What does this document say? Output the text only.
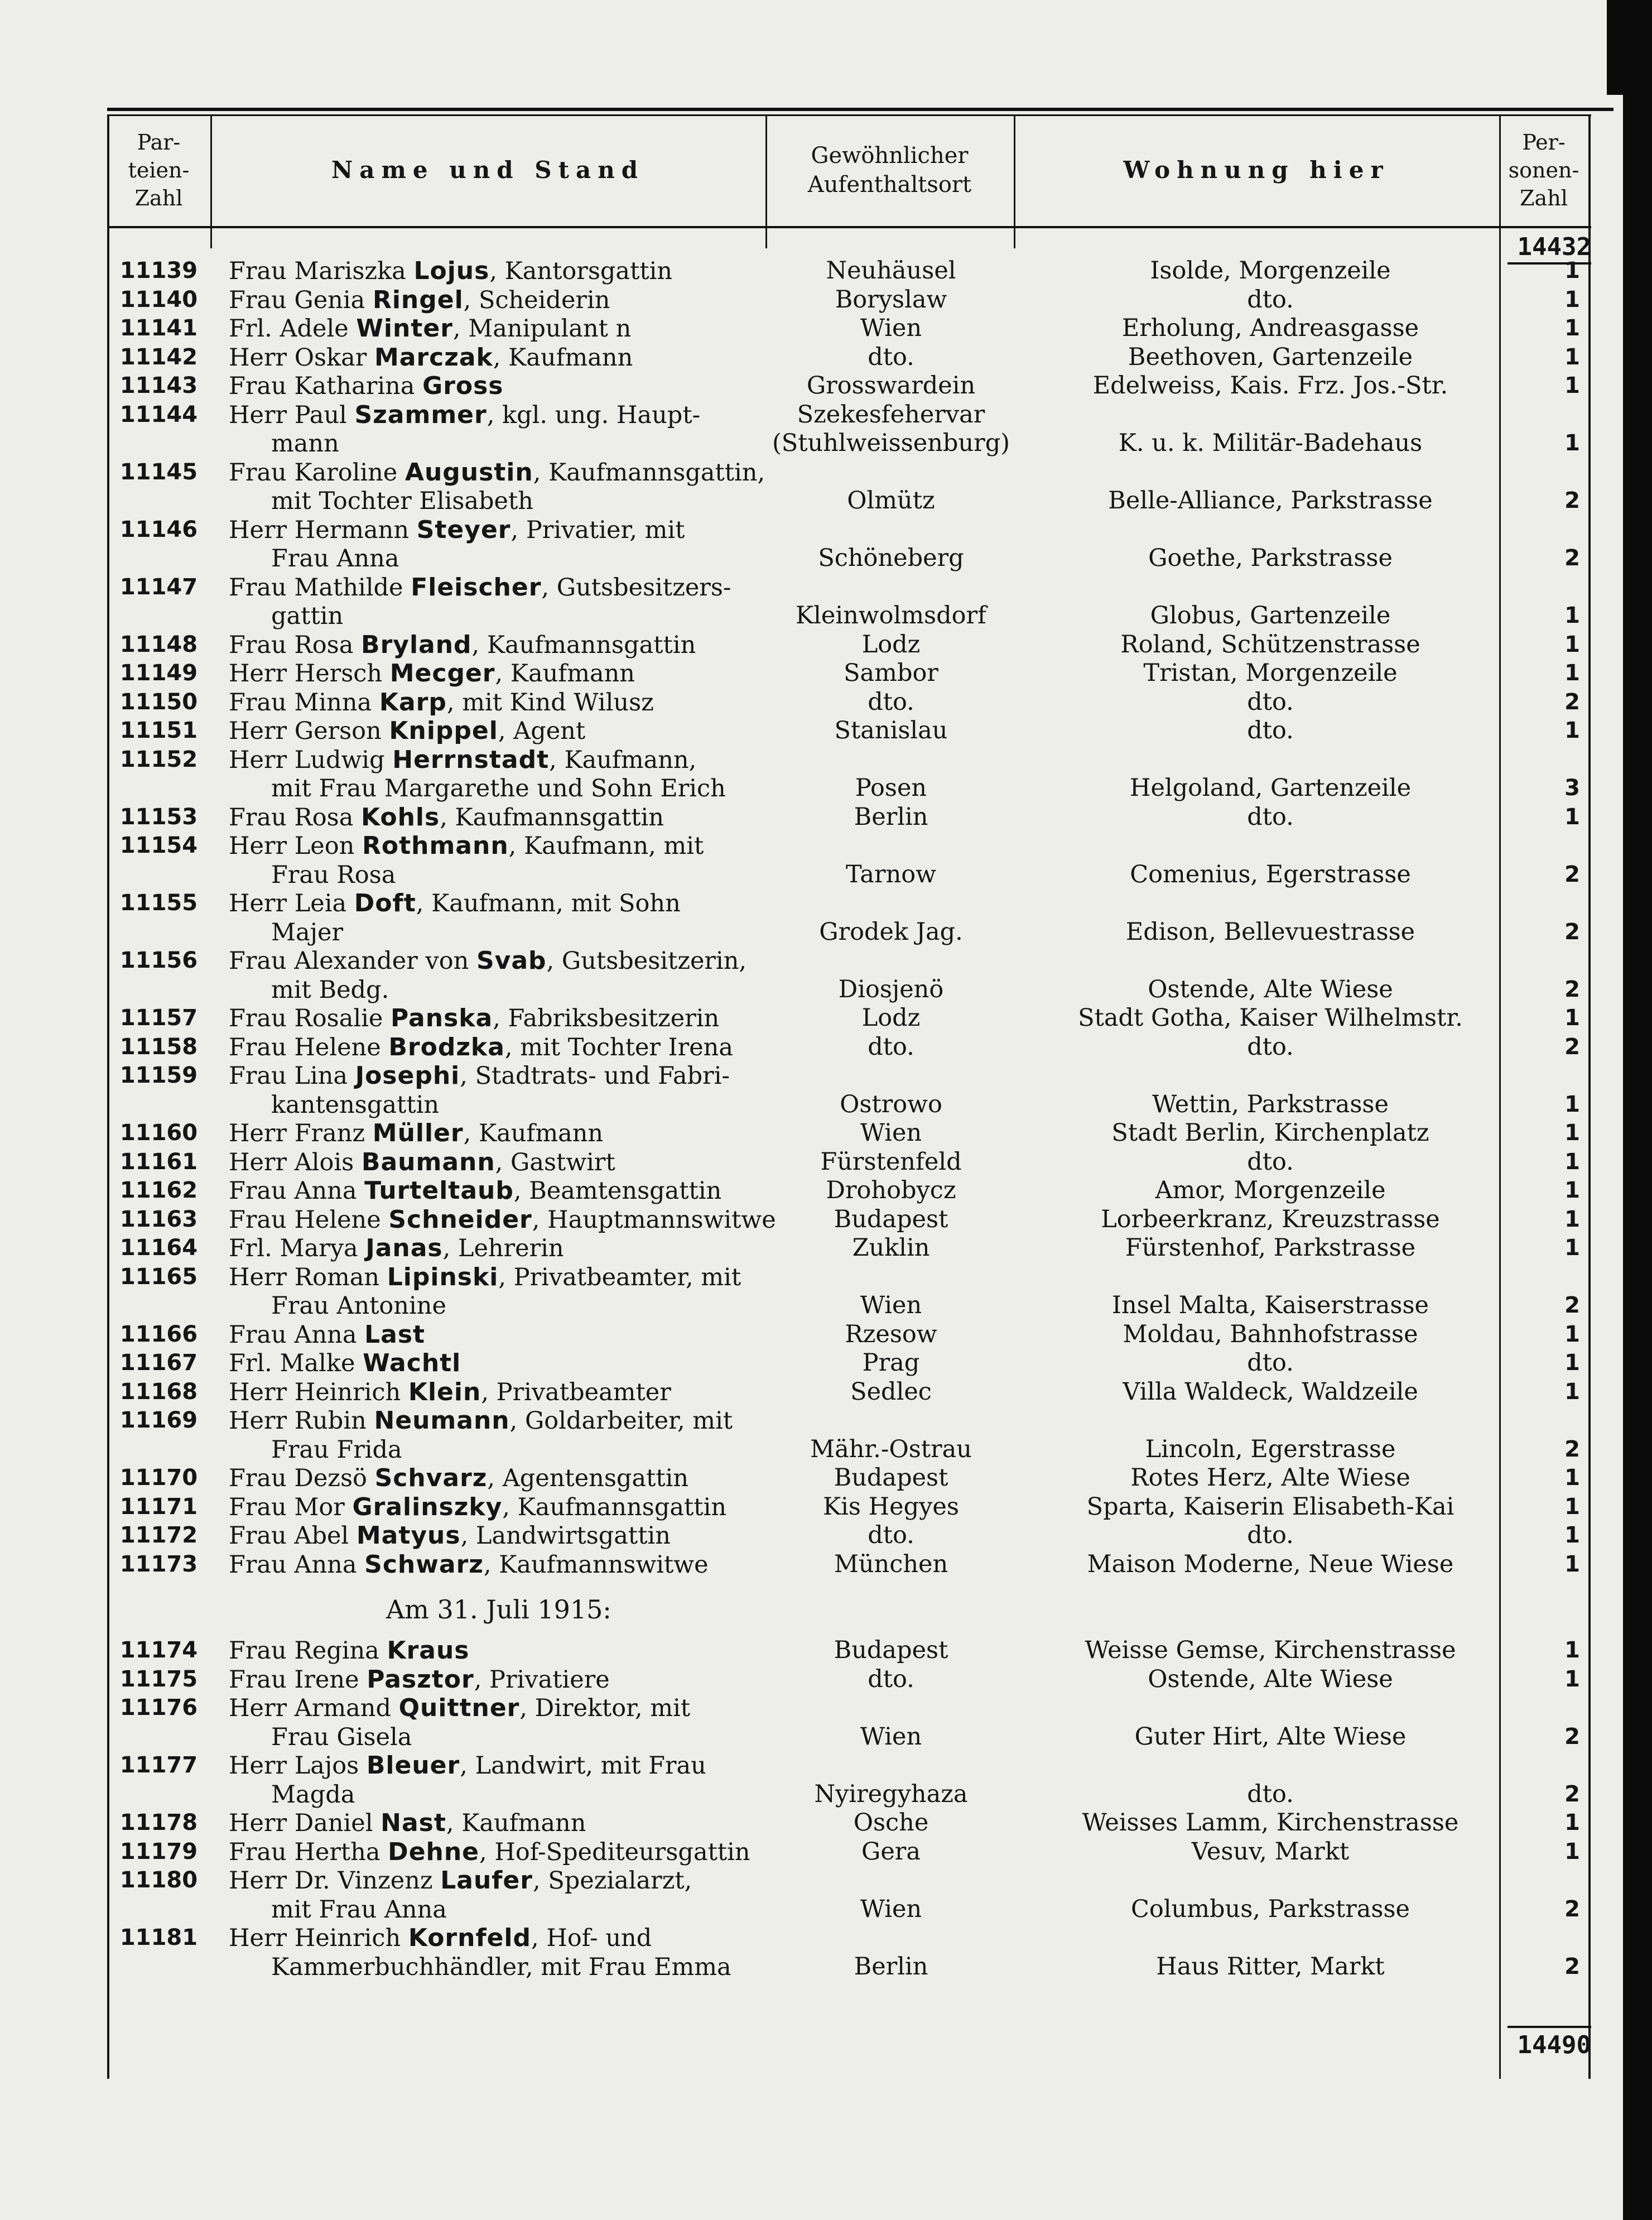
Par-
teien-
Zahl
Name und Stand
Gewöhnlicher
Aufenthaltsort
Wohnung hier
Per-
sonen-
Zahl
14432
11139	Frau Mariszka Lojus, Kantorsgattin	Neuhäusel	Isolde, Morgenzeile	1
11140	Frau Genia Ringel, Scheiderin	Boryslaw	dto.	1
11141	Frl. Adele Winter, Manipulant n	Wien	Erholung, Andreasgasse	1
11142	Herr Oskar Marczak, Kaufmann	dto.	Beethoven, Gartenzeile	1
11143	Frau Katharina Gross	Grosswardein	Edelweiss, Kais. Frz. Jos.-Str.	1
11144	Herr Paul Szammer, kgl. ung. Haupt-
mann
Szekesfehervar (Stuhlweissenburg)	K. u. k. Militär-Badehaus	1
11145	Frau Karoline Augustin, Kaufmannsgattin,
mit Tochter Elisabeth	Olmütz	Belle-Alliance, Parkstrasse	2
11146	Herr Hermann Steyer, Privatier, mit
Frau Anna	Schöneberg	Goethe, Parkstrasse	2
11147	Frau Mathilde Fleischer, Gutsbesitzers-
gattin	Kleinwolmsdorf	Globus, Gartenzeile	1
11148	Frau Rosa Bryland, Kaufmannsgattin	Lodz	Roland, Schützenstrasse	1
11149	Herr Hersch Mecger, Kaufmann	Sambor	Tristan, Morgenzeile	1
11150	Frau Minna Karp, mit Kind Wilusz	dto.	dto.	2
11151	Herr Gerson Knippel, Agent	Stanislau	dto.	1
11152	Herr Ludwig Herrnstadt, Kaufmann,
mit Frau Margarethe und Sohn Erich	Posen	Helgoland, Gartenzeile	3
11153	Frau Rosa Kohls, Kaufmannsgattin	Berlin	dto.	1
11154	Herr Leon Rothmann, Kaufmann, mit
Frau Rosa	Tarnow	Comenius, Egerstrasse	2
11155	Herr Leia Doft, Kaufmann, mit Sohn
Majer	Grodek Jag.	Edison, Bellevuestrasse	2
11156	Frau Alexander von Svab, Gutsbesitzerin,
mit Bedg.	Diosjenö	Ostende, Alte Wiese	2
11157	Frau Rosalie Panska, Fabriksbesitzerin	Lodz	Stadt Gotha, Kaiser Wilhelmstr.	1
11158	Frau Helene Brodzka, mit Tochter Irena	dto.	dto.	2
11159	Frau Lina Josephi, Stadtrats- und Fabri-
kantensgattin	Ostrowo	Wettin, Parkstrasse	1
11160	Herr Franz Müller, Kaufmann	Wien	Stadt Berlin, Kirchenplatz	1
11161	Herr Alois Baumann, Gastwirt	Fürstenfeld	dto.	1
11162	Frau Anna Turteltaub, Beamtensgattin	Drohobycz	Amor, Morgenzeile	1
11163	Frau Helene Schneider, Hauptmannswitwe	Budapest	Lorbeerkranz, Kreuzstrasse	1
11164	Frl. Marya Janas, Lehrerin	Zuklin	Fürstenhof, Parkstrasse	1
11165	Herr Roman Lipinski, Privatbeamter, mit
Frau Antonine	Wien	Insel Malta, Kaiserstrasse	2
11166	Frau Anna Last	Rzesow	Moldau, Bahnhofstrasse	1
11167	Frl. Malke Wachtl	Prag	dto.	1
11168	Herr Heinrich Klein, Privatbeamter	Sedlec	Villa Waldeck, Waldzeile	1
11169	Herr Rubin Neumann, Goldarbeiter, mit
Frau Frida	Mähr.-Ostrau	Lincoln, Egerstrasse	2
11170	Frau Dezsö Schvarz, Agentensgattin	Budapest	Rotes Herz, Alte Wiese	1
11171	Frau Mor Gralinszky, Kaufmannsgattin	Kis Hegyes	Sparta, Kaiserin Elisabeth-Kai	1
11172	Frau Abel Matyus, Landwirtsgattin	dto.	dto.	1
11173	Frau Anna Schwarz, Kaufmannswitwe	München	Maison Moderne, Neue Wiese	1
Am 31. Juli 1915:
11174	Frau Regina Kraus	Budapest	Weisse Gemse, Kirchenstrasse	1
11175	Frau Irene Pasztor, Privatiere	dto.	Ostende, Alte Wiese	1
11176	Herr Armand Quittner, Direktor, mit
Frau Gisela	Wien	Guter Hirt, Alte Wiese	2
11177	Herr Lajos Bleuer, Landwirt, mit Frau
Magda	Nyiregyhaza	dto.	2
11178	Herr Daniel Nast, Kaufmann	Osche	Weisses Lamm, Kirchenstrasse	1
11179	Frau Hertha Dehne, Hof-Spediteursgattin	Gera	Vesuv, Markt	1
11180	Herr Dr. Vinzenz Laufer, Spezialarzt,
mit Frau Anna	Wien	Columbus, Parkstrasse	2
11181	Herr Heinrich Kornfeld, Hof- und
Kammerbuchhändler, mit Frau Emma	Berlin	Haus Ritter, Markt	2
14490
